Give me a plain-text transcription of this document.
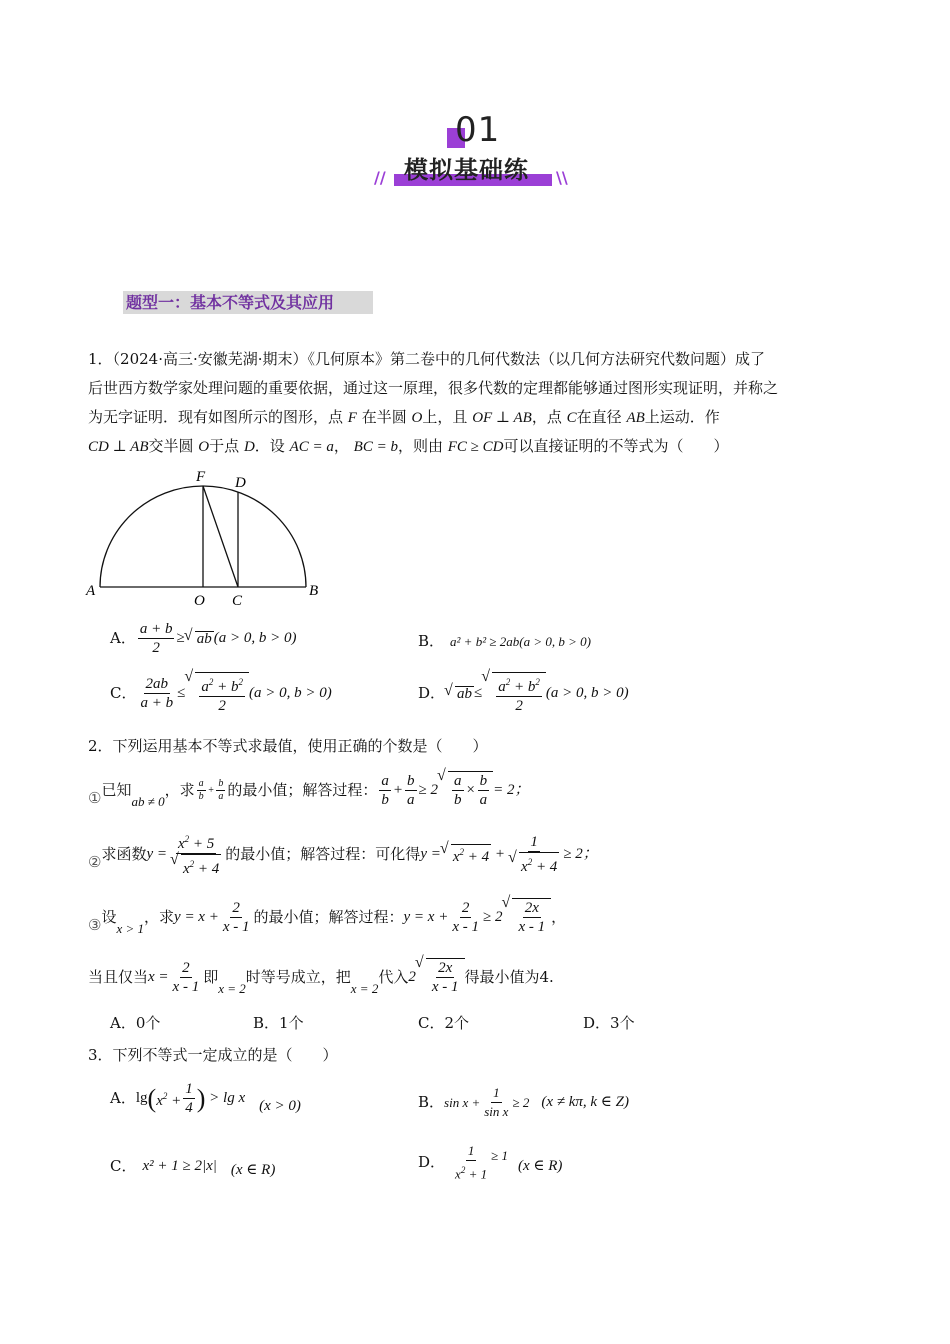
01
模拟基础练
//	\\
题型一：基本不等式及其应用
1．（2024·高三·安徽芜湖·期末）《几何原本》第二卷中的几何代数法（以几何方法研究代数问题）成了
后世西方数学家处理问题的重要依据，通过这一原理，很多代数的定理都能够通过图形实现证明，并称之
为无字证明．现有如图所示的图形，点 F 在半圆 O上，且 OF ⊥ AB，点 C在直径 AB上运动．作
CD ⊥ AB交半圆 O于点 D．设 AC = a， BC = b，则由 FC ≥ CD可以直接证明的不等式为（　　）
F D
A	B
O C
A． $\frac{a + b}{2}$ ≥ √ ab (a > 0, b > 0)	B． a² + b² ≥ 2ab (a > 0, b > 0)
C． $\frac{2ab}{a + b}$ ≤ √ $\frac{a^2 + b^2}{2} (a > 0$, b > 0)	D． √ ab ≤ √ $\frac{a^2 + b^2}{2} (a > 0$, b > 0)
2．下列运用基本不等式求最值，使用正确的个数是（　　）
① 已知
ab ≠ 0
，求 $\frac{a}{b} + \frac{b}{a}$ 的最小值；解答过程： $\frac{a}{b} + \frac{b}{a} \ge 2$ √ $\frac{a}{b} \times \frac{b}{a} = 2$；
② 求函数 $y = x^2 + 5$
√ $x^2 + 4$ 的最小值；解答过程：可化得 y = √ $x^2 + 4 + 1$
√ $x^2 + 4 \ge 2$；
③ 设
x > 1
，求 $y = x + \frac{2}{x - 1}$ 的最小值；解答过程： $y = x + \frac{2}{x - 1} \ge 2$ √ $\frac{2x}{x - 1}$ ，
当且仅当 $x = \frac{2}{x - 1}$ 即
x = 2
时等号成立，把
x = 2
代入 2 √ $\frac{2x}{x - 1}$ 得最小值为4.
A．0个	B．1个	C．2个	D．3个
3．下列不等式一定成立的是（　　）
A． lg ( $x^2 + \frac{1}{4}$ ) > lg x (x > 0)	B． $\sin x + \frac{1}{\text{sin x}} \ge 2$ (x ≠ kπ, k ∈ Z)
C． x² + 1 ≥ 2|x| (x ∈ R)	D． $\frac{1}{x^2 + 1} \ge 1$
(x ∈ R)
